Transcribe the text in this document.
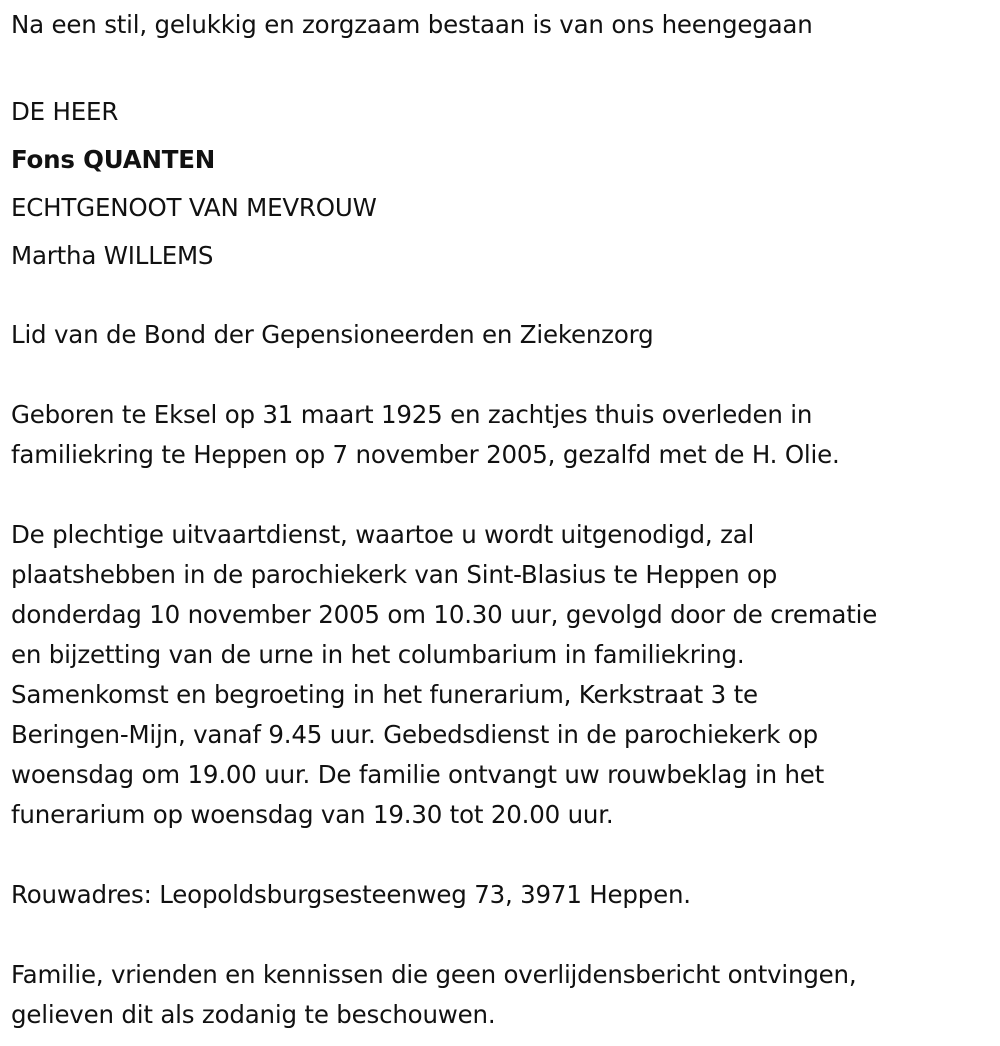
Na een stil, gelukkig en zorgzaam bestaan is van ons heengegaan
DE HEER
Fons QUANTEN
ECHTGENOOT VAN MEVROUW
Martha WILLEMS
Lid van de Bond der Gepensioneerden en Ziekenzorg
Geboren te Eksel op 31 maart 1925 en zachtjes thuis overleden in
familiekring te Heppen op 7 november 2005, gezalfd met de H. Olie.
De plechtige uitvaartdienst, waartoe u wordt uitgenodigd, zal
plaatshebben in de parochiekerk van Sint-Blasius te Heppen op
donderdag 10 november 2005 om 10.30 uur, gevolgd door de crematie
en bijzetting van de urne in het columbarium in familiekring.
Samenkomst en begroeting in het funerarium, Kerkstraat 3 te
Beringen-Mijn, vanaf 9.45 uur. Gebedsdienst in de parochiekerk op
woensdag om 19.00 uur. De familie ontvangt uw rouwbeklag in het
funerarium op woensdag van 19.30 tot 20.00 uur.
Rouwadres: Leopoldsburgsesteenweg 73, 3971 Heppen.
Familie, vrienden en kennissen die geen overlijdensbericht ontvingen,
gelieven dit als zodanig te beschouwen.
